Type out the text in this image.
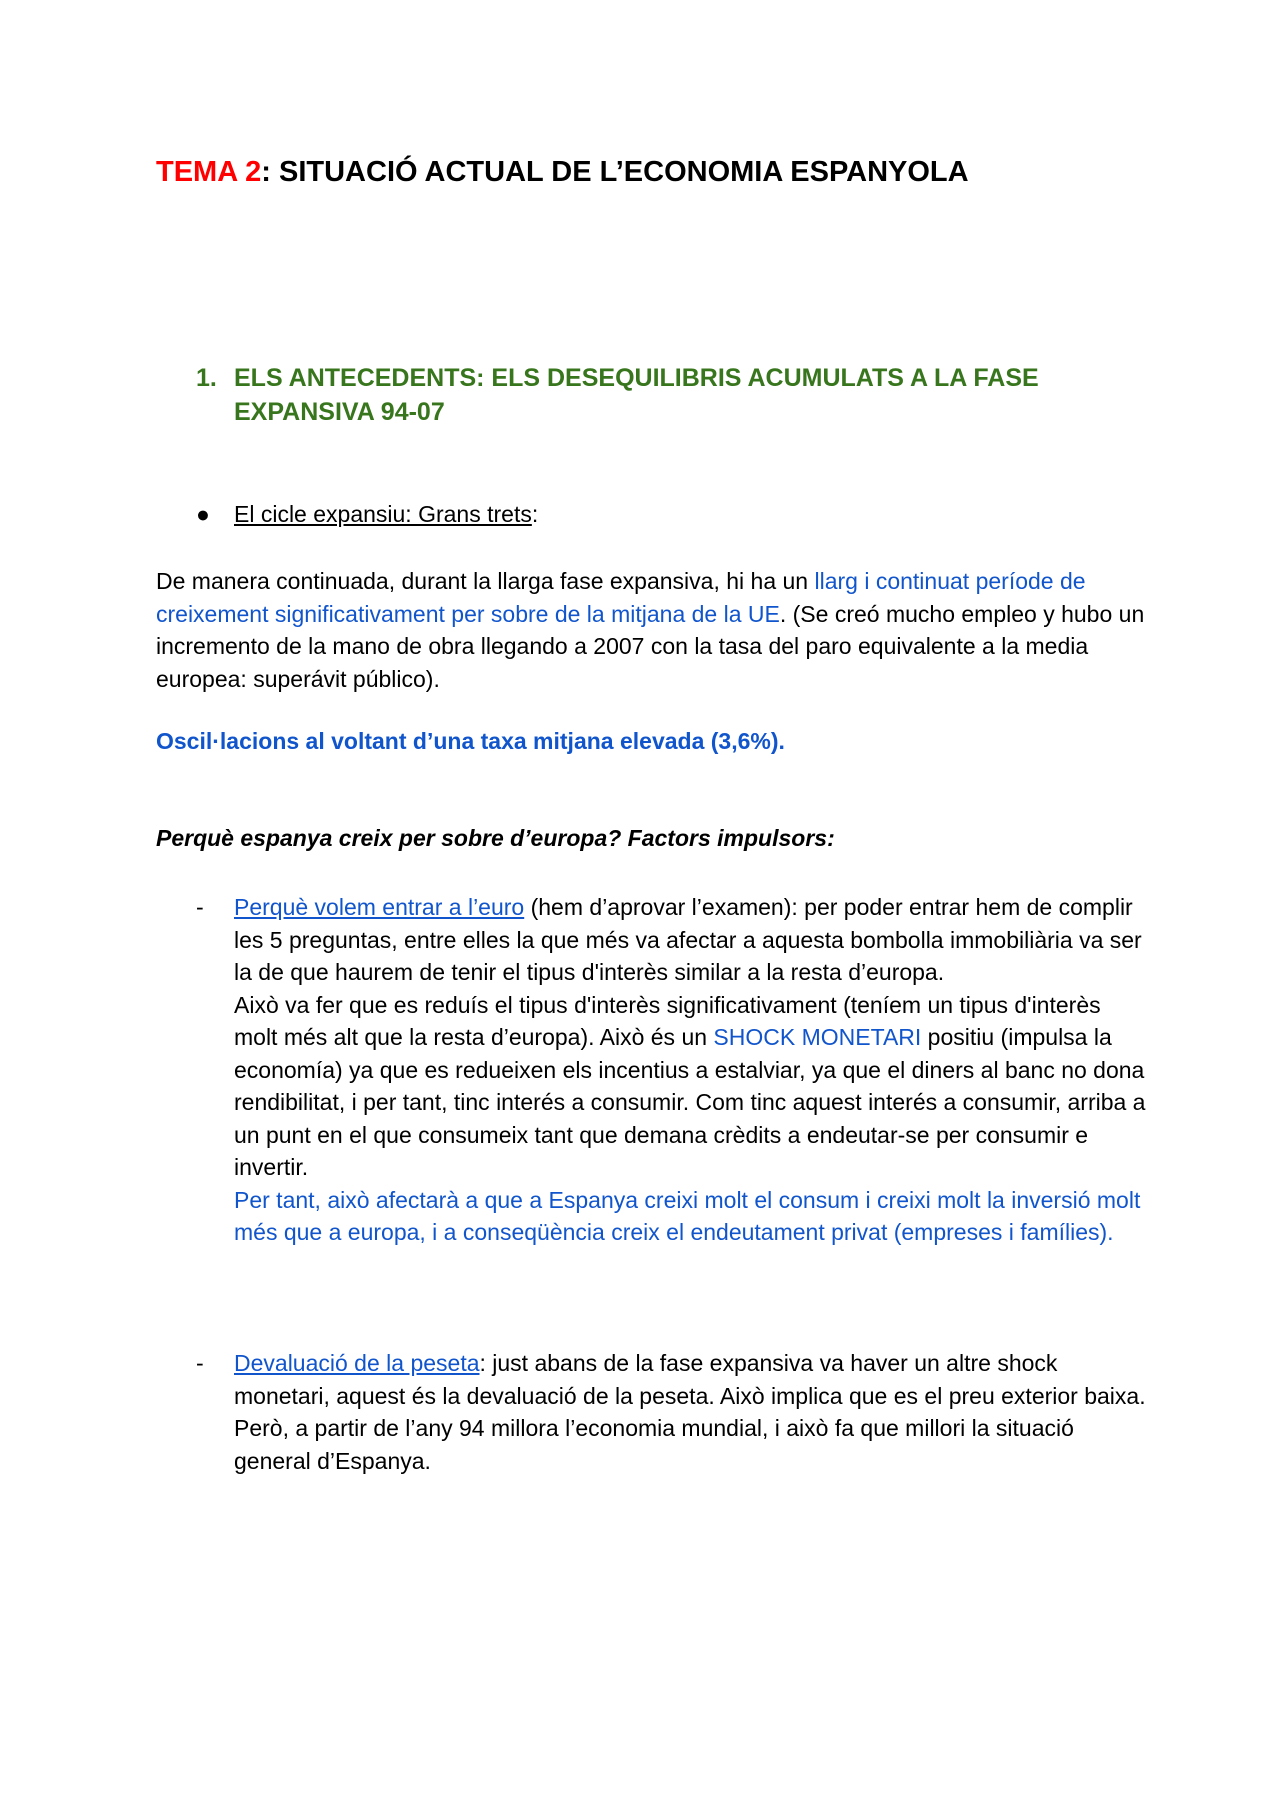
TEMA 2: SITUACIÓ ACTUAL DE L’ECONOMIA ESPANYOLA
1. ELS ANTECEDENTS: ELS DESEQUILIBRIS ACUMULATS A LA FASE EXPANSIVA 94-07
● El cicle expansiu: Grans trets:
De manera continuada, durant la llarga fase expansiva, hi ha un llarg i continuat període de creixement significativament per sobre de la mitjana de la UE. (Se creó mucho empleo y hubo un incremento de la mano de obra llegando a 2007 con la tasa del paro equivalente a la media europea: superávit público).
Oscil·lacions al voltant d’una taxa mitjana elevada (3,6%).
Perquè espanya creix per sobre d’europa? Factors impulsors:
- Perquè volem entrar a l’euro (hem d’aprovar l’examen): per poder entrar hem de complir les 5 preguntas, entre elles la que més va afectar a aquesta bombolla immobiliària va ser la de que haurem de tenir el tipus d'interès similar a la resta d’europa.

Això va fer que es reduís el tipus d'interès significativament (teníem un tipus d'interès molt més alt que la resta d’europa). Això és un SHOCK MONETARI positiu (impulsa la economía) ya que es redueixen els incentius a estalviar, ya que el diners al banc no dona rendibilitat, i per tant, tinc interés a consumir. Com tinc aquest interés a consumir, arriba a un punt en el que consumeix tant que demana crèdits a endeutar-se per consumir e invertir.

Per tant, això afectarà a que a Espanya creixi molt el consum i creixi molt la inversió molt més que a europa, i a conseqüència creix el endeutament privat (empreses i famílies).

- Devaluació de la peseta: just abans de la fase expansiva va haver un altre shock monetari, aquest és la devaluació de la peseta. Això implica que es el preu exterior baixa. Però, a partir de l’any 94 millora l’economia mundial, i això fa que millori la situació general d’Espanya.
